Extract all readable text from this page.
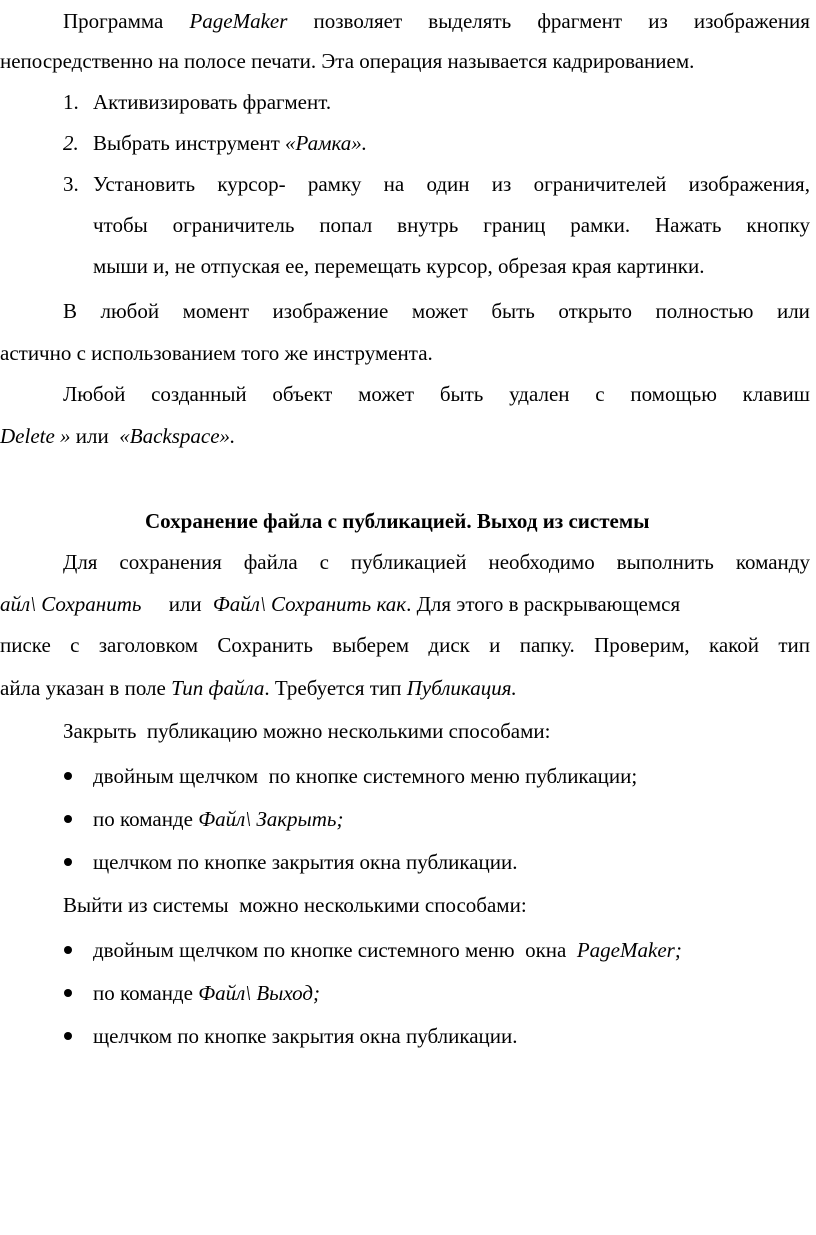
Программа PageMaker позволяет выделять фрагмент из изображения
непосредственно на полосе печати. Эта операция называется кадрированием.
1. Активизировать фрагмент.
2. Выбрать инструмент «Рамка».
3. Установить курсор- рамку на один из ограничителей изображения,
чтобы ограничитель попал внутрь границ рамки. Нажать кнопку
мыши и, не отпуская ее, перемещать курсор, обрезая края картинки.
В любой момент изображение может быть открыто полностью или
астично с использованием того же инструмента.
Любой созданный объект может быть удален с помощью клавиш
Delete » или  «Backspace».
Сохранение файла с публикацией. Выход из системы
Для сохранения файла с публикацией необходимо выполнить команду
айл\ Сохранить или Файл\ Сохранить как. Для этого в раскрывающемся
писке с заголовком Сохранить выберем диск и папку. Проверим, какой тип
айла указан в поле Тип файла. Требуется тип Публикация.
Закрыть  публикацию можно несколькими способами:
двойным щелчком  по кнопке системного меню публикации;
по команде Файл\ Закрыть;
щелчком по кнопке закрытия окна публикации.
Выйти из системы  можно несколькими способами:
двойным щелчком по кнопке системного меню  окна  PageMaker;
по команде Файл\ Выход;
щелчком по кнопке закрытия окна публикации.
